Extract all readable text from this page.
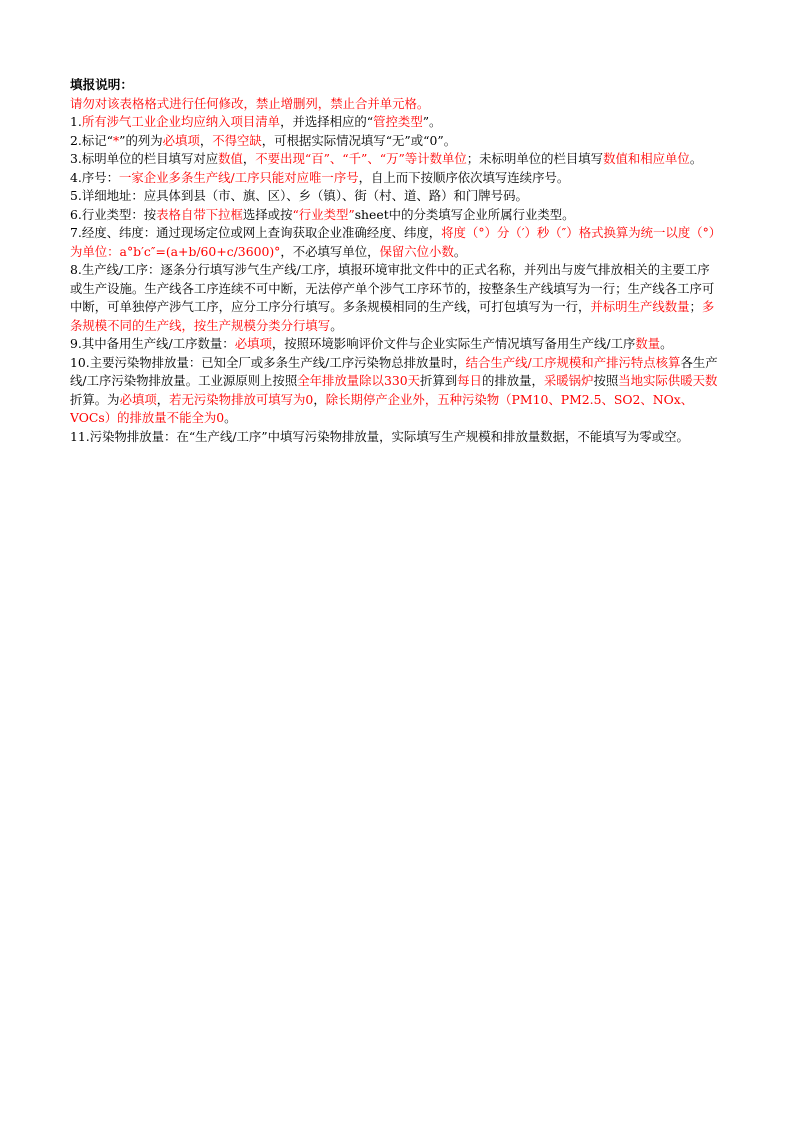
填报说明：
请勿对该表格格式进行任何修改，禁止增删列，禁止合并单元格。
1.所有涉气工业企业均应纳入项目清单，并选择相应的“管控类型”。
2.标记“*”的列为必填项，不得空缺，可根据实际情况填写“无”或“0”。
3.标明单位的栏目填写对应数值，不要出现“百”、“千”、“万”等计数单位；未标明单位的栏目填写数值和相应单位。
4.序号：一家企业多条生产线/工序只能对应唯一序号，自上而下按顺序依次填写连续序号。
5.详细地址：应具体到县（市、旗、区）、乡（镇）、街（村、道、路）和门牌号码。
6.行业类型：按表格自带下拉框选择或按“行业类型”sheet中的分类填写企业所属行业类型。
7.经度、纬度：通过现场定位或网上查询获取企业准确经度、纬度，将度（°）分（′）秒（″）格式换算为统一以度（°）为单位：a°b′c″=(a+b/60+c/3600)°，不必填写单位，保留六位小数。
8.生产线/工序：逐条分行填写涉气生产线/工序，填报环境审批文件中的正式名称，并列出与废气排放相关的主要工序或生产设施。生产线各工序连续不可中断，无法停产单个涉气工序环节的，按整条生产线填写为一行；生产线各工序可中断，可单独停产涉气工序，应分工序分行填写。多条规模相同的生产线，可打包填写为一行，并标明生产线数量；多条规模不同的生产线，按生产规模分类分行填写。
9.其中备用生产线/工序数量：必填项，按照环境影响评价文件与企业实际生产情况填写备用生产线/工序数量。
10.主要污染物排放量：已知全厂或多条生产线/工序污染物总排放量时，结合生产线/工序规模和产排污特点核算各生产线/工序污染物排放量。工业源原则上按照全年排放量除以330天折算到每日的排放量，采暖锅炉按照当地实际供暖天数折算。为必填项，若无污染物排放可填写为0，除长期停产企业外，五种污染物（PM10、PM2.5、SO2、NOx、VOCs）的排放量不能全为0。
11.污染物排放量：在“生产线/工序”中填写污染物排放量，实际填写生产规模和排放量数据，不能填写为零或空。
